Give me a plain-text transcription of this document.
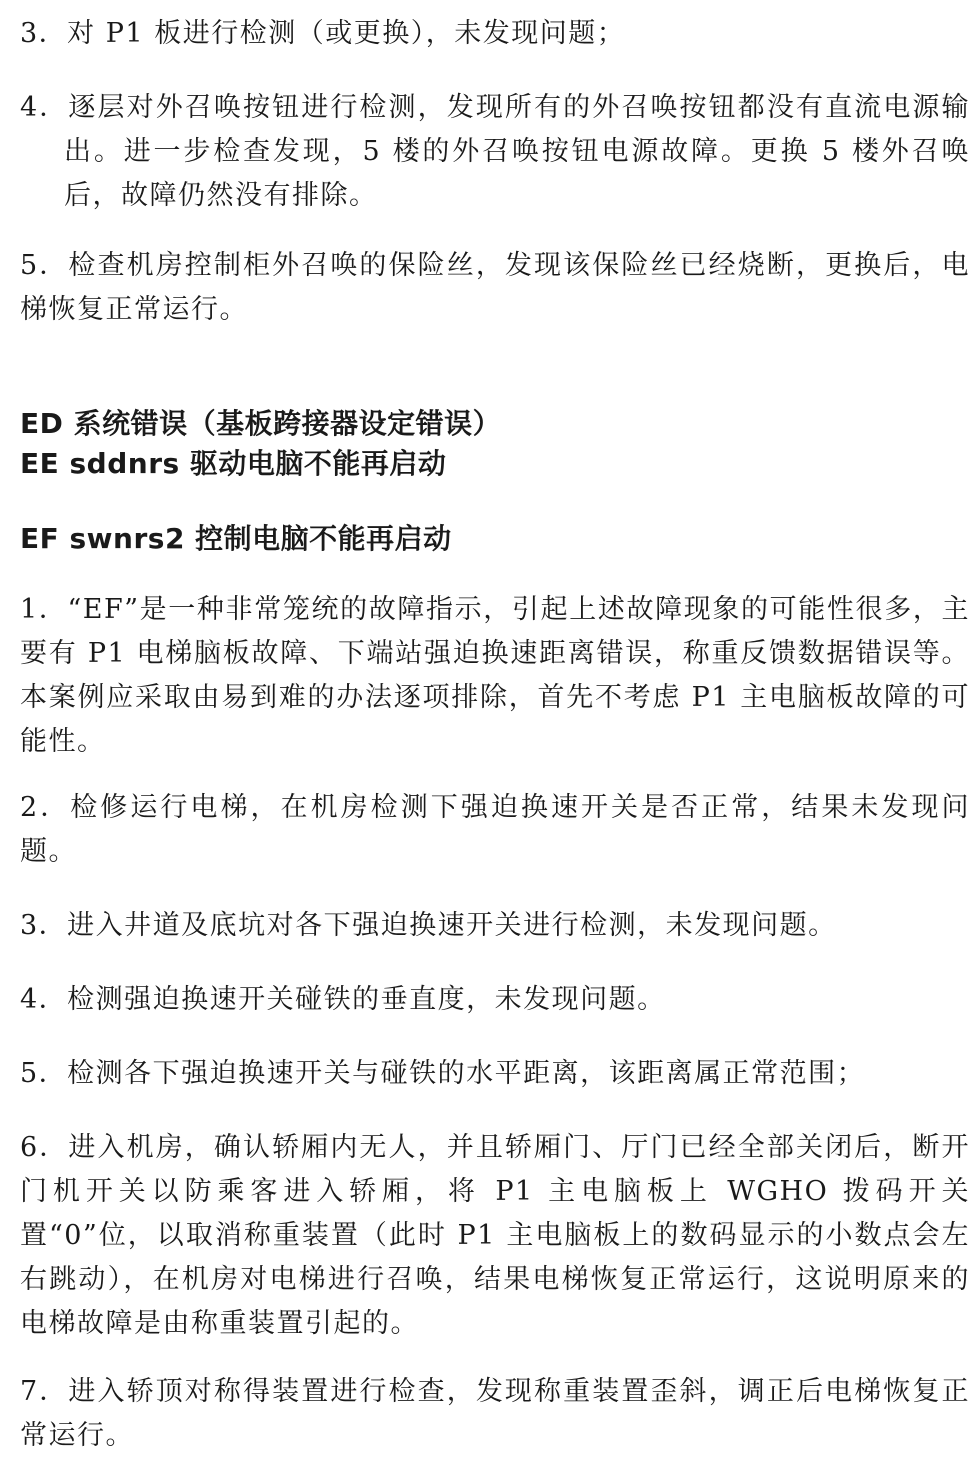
3．对 P1 板进行检测（或更换），未发现问题；

4．逐层对外召唤按钮进行检测，发现所有的外召唤按钮都没有直流电源输出。进一步检查发现，5 楼的外召唤按钮电源故障。更换 5 楼外召唤后，故障仍然没有排除。

5．检查机房控制柜外召唤的保险丝，发现该保险丝已经烧断，更换后，电梯恢复正常运行。

ED 系统错误（基板跨接器设定错误）
EE sddnrs 驱动电脑不能再启动
EF swnrs2 控制电脑不能再启动

1．“EF”是一种非常笼统的故障指示，引起上述故障现象的可能性很多，主要有 P1 电梯脑板故障、下端站强迫换速距离错误，称重反馈数据错误等。本案例应采取由易到难的办法逐项排除，首先不考虑 P1 主电脑板故障的可能性。

2．检修运行电梯，在机房检测下强迫换速开关是否正常，结果未发现问题。

3．进入井道及底坑对各下强迫换速开关进行检测，未发现问题。

4．检测强迫换速开关碰铁的垂直度，未发现问题。

5．检测各下强迫换速开关与碰铁的水平距离，该距离属正常范围；

6．进入机房，确认轿厢内无人，并且轿厢门、厅门已经全部关闭后，断开门机开关以防乘客进入轿厢，将 P1 主电脑板上 WGHO 拨码开关置“0”位，以取消称重装置（此时 P1 主电脑板上的数码显示的小数点会左右跳动），在机房对电梯进行召唤，结果电梯恢复正常运行，这说明原来的电梯故障是由称重装置引起的。

7．进入轿顶对称得装置进行检查，发现称重装置歪斜，调正后电梯恢复正常运行。
